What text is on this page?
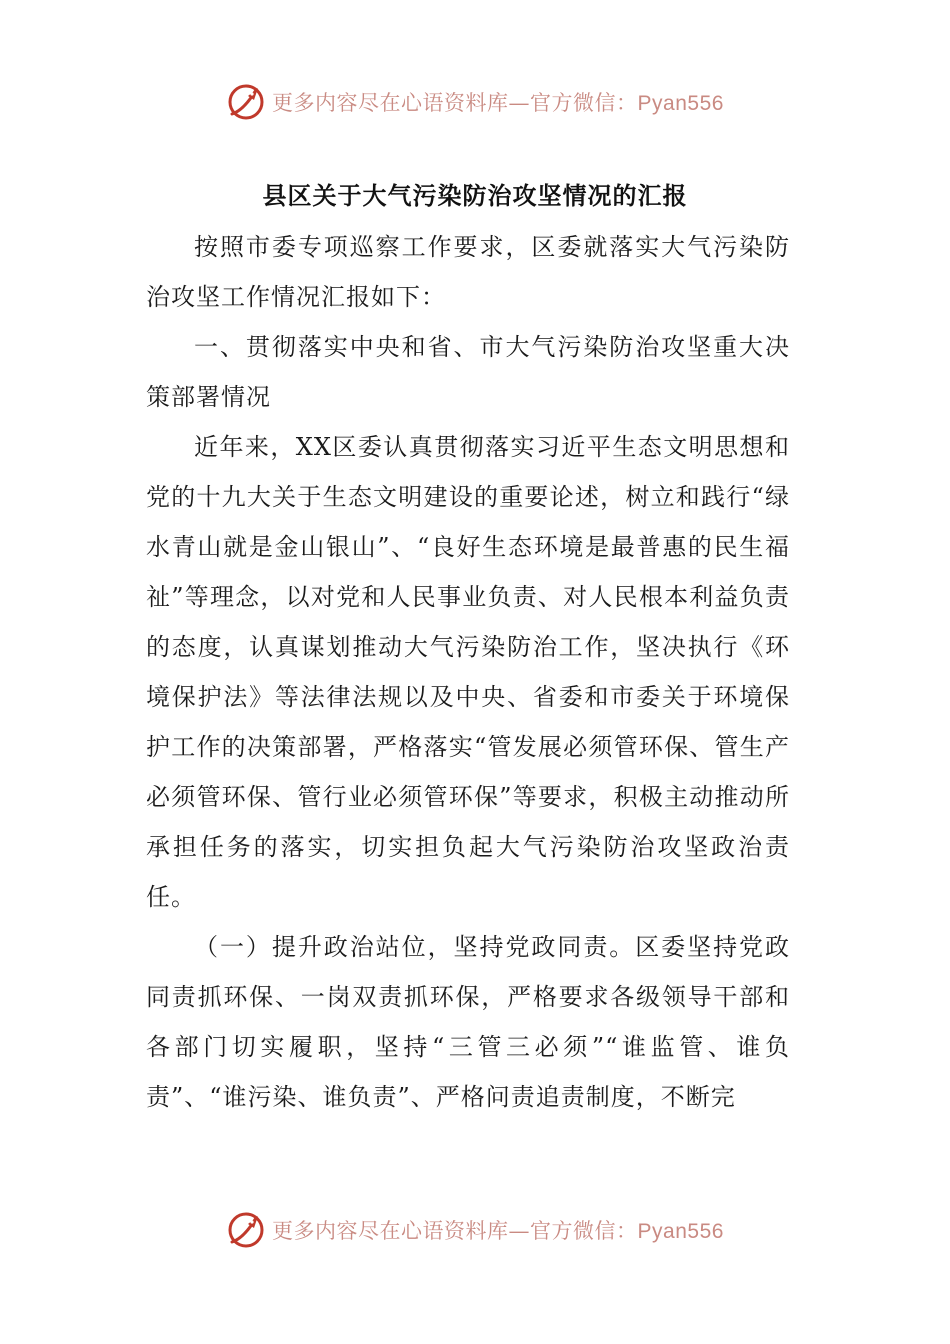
更多内容尽在心语资料库—官方微信：Pyan556
县区关于大气污染防治攻坚情况的汇报

按照市委专项巡察工作要求，区委就落实大气污染防治攻坚工作情况汇报如下：

一、贯彻落实中央和省、市大气污染防治攻坚重大决策部署情况

近年来，XX区委认真贯彻落实习近平生态文明思想和党的十九大关于生态文明建设的重要论述，树立和践行“绿水青山就是金山银山”、“良好生态环境是最普惠的民生福祉”等理念，以对党和人民事业负责、对人民根本利益负责的态度，认真谋划推动大气污染防治工作，坚决执行《环境保护法》等法律法规以及中央、省委和市委关于环境保护工作的决策部署，严格落实“管发展必须管环保、管生产必须管环保、管行业必须管环保”等要求，积极主动推动所承担任务的落实，切实担负起大气污染防治攻坚政治责任。

（一）提升政治站位，坚持党政同责。区委坚持党政同责抓环保、一岗双责抓环保，严格要求各级领导干部和各部门切实履职，坚持“三管三必须”“谁监管、谁负责”、“谁污染、谁负责”、严格问责追责制度，不断完

更多内容尽在心语资料库—官方微信：Pyan556
